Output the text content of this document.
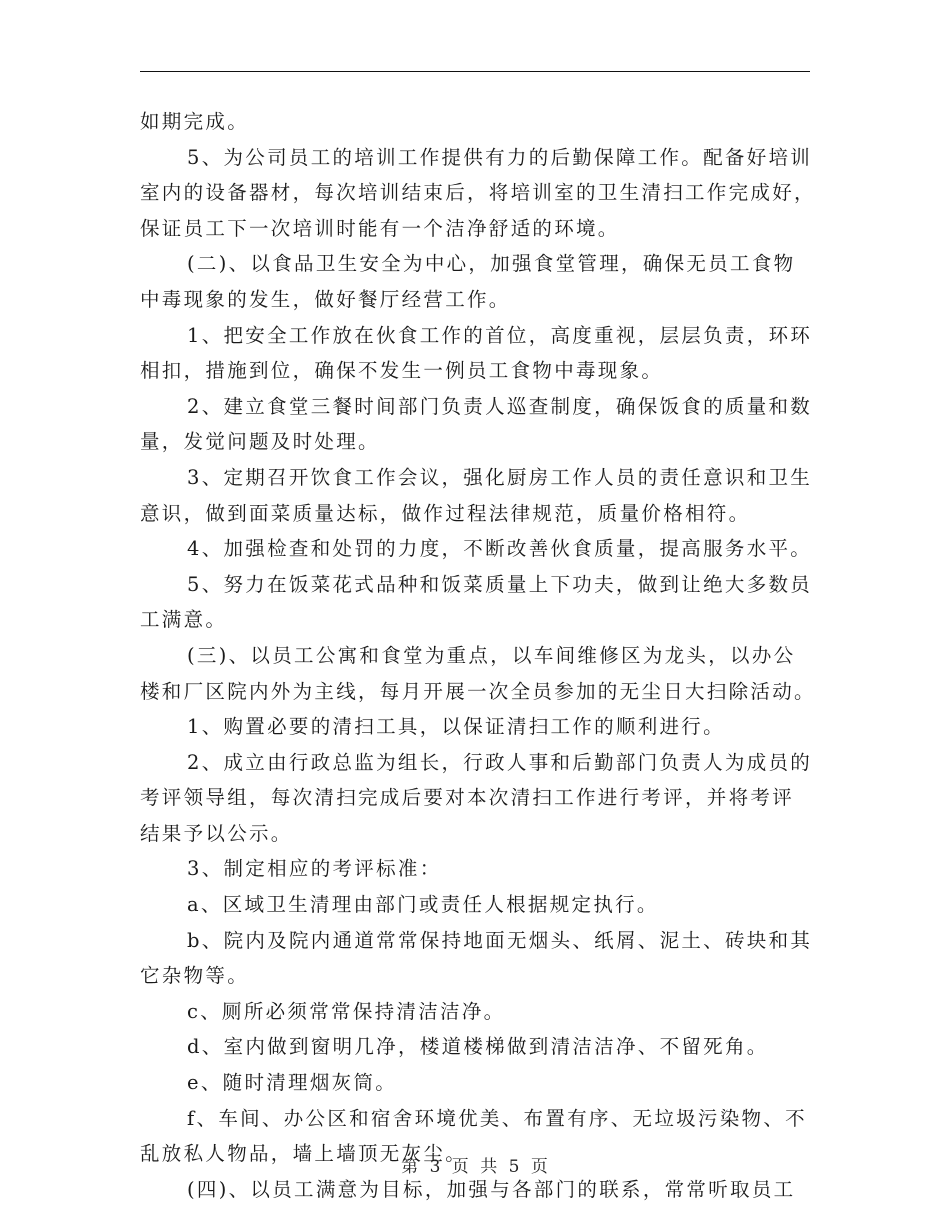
如期完成。
5、为公司员工的培训工作提供有力的后勤保障工作。配备好培训
室内的设备器材，每次培训结束后，将培训室的卫生清扫工作完成好，
保证员工下一次培训时能有一个洁净舒适的环境。
(二)、以食品卫生安全为中心，加强食堂管理，确保无员工食物
中毒现象的发生，做好餐厅经营工作。
1、把安全工作放在伙食工作的首位，高度重视，层层负责，环环
相扣，措施到位，确保不发生一例员工食物中毒现象。
2、建立食堂三餐时间部门负责人巡查制度，确保饭食的质量和数
量，发觉问题及时处理。
3、定期召开饮食工作会议，强化厨房工作人员的责任意识和卫生
意识，做到面菜质量达标，做作过程法律规范，质量价格相符。
4、加强检查和处罚的力度，不断改善伙食质量，提高服务水平。
5、努力在饭菜花式品种和饭菜质量上下功夫，做到让绝大多数员
工满意。
(三)、以员工公寓和食堂为重点，以车间维修区为龙头，以办公
楼和厂区院内外为主线，每月开展一次全员参加的无尘日大扫除活动。
1、购置必要的清扫工具，以保证清扫工作的顺利进行。
2、成立由行政总监为组长，行政人事和后勤部门负责人为成员的
考评领导组，每次清扫完成后要对本次清扫工作进行考评，并将考评
结果予以公示。
3、制定相应的考评标准：
a、区域卫生清理由部门或责任人根据规定执行。
b、院内及院内通道常常保持地面无烟头、纸屑、泥土、砖块和其
它杂物等。
c、厕所必须常常保持清洁洁净。
d、室内做到窗明几净，楼道楼梯做到清洁洁净、不留死角。
e、随时清理烟灰筒。
f、车间、办公区和宿舍环境优美、布置有序、无垃圾污染物、不
乱放私人物品，墙上墙顶无灰尘。
(四)、以员工满意为目标，加强与各部门的联系，常常听取员工
第 3 页 共 5 页
